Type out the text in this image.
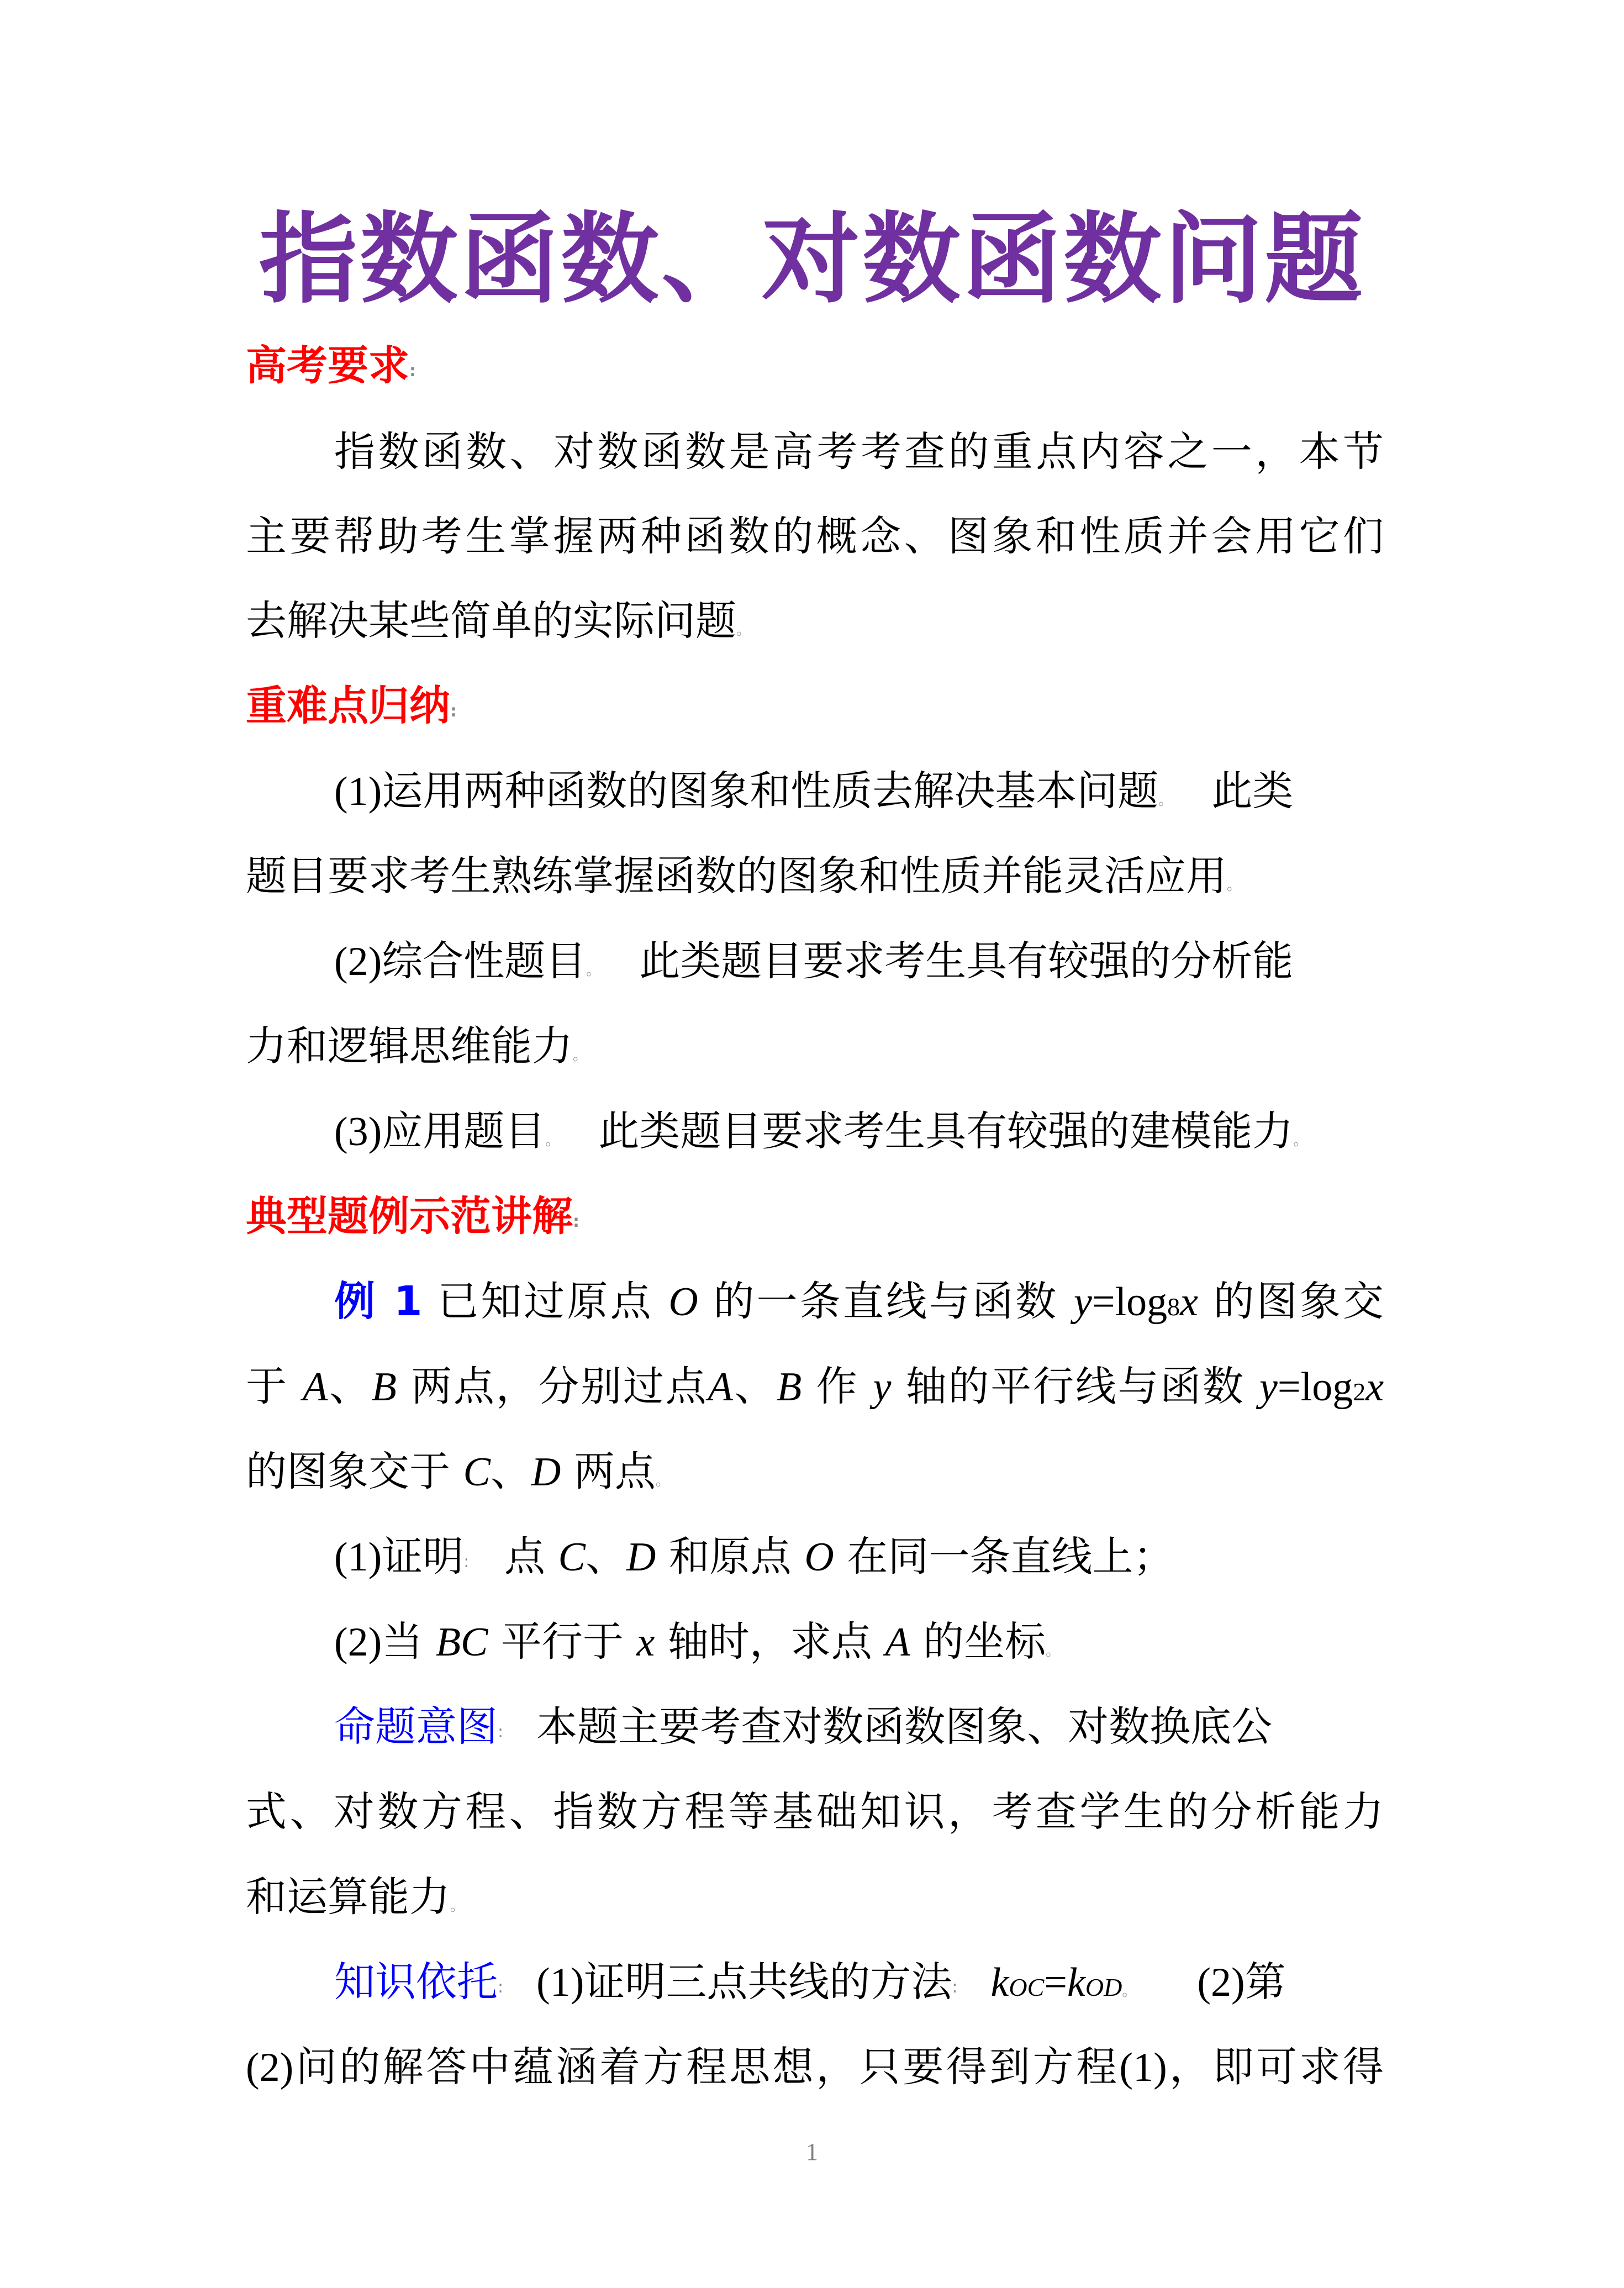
指数函数、对数函数问题
高考要求:
指数函数、对数函数是高考考查的重点内容之一，本节
主要帮助考生掌握两种函数的概念、图象和性质并会用它们
去解决某些简单的实际问题。
重难点归纳:
(1)运用两种函数的图象和性质去解决基本问题。 此类
题目要求考生熟练掌握函数的图象和性质并能灵活应用。
(2)综合性题目。 此类题目要求考生具有较强的分析能
力和逻辑思维能力。
(3)应用题目。 此类题目要求考生具有较强的建模能力。
典型题例示范讲解:
例 1 已知过原点 O 的一条直线与函数 y=log8x 的图象交
于 A、B 两点，分别过点A、B 作 y 轴的平行线与函数 y=log2x
的图象交于 C、D 两点。
(1)证明: 点 C、D 和原点 O 在同一条直线上；
(2)当 BC 平行于 x 轴时，求点 A 的坐标。
命题意图: 本题主要考查对数函数图象、对数换底公
式、对数方程、指数方程等基础知识，考查学生的分析能力
和运算能力。
知识依托: (1)证明三点共线的方法: kOC=kOD。 (2)第
(2)问的解答中蕴涵着方程思想，只要得到方程(1)，即可求得
1
